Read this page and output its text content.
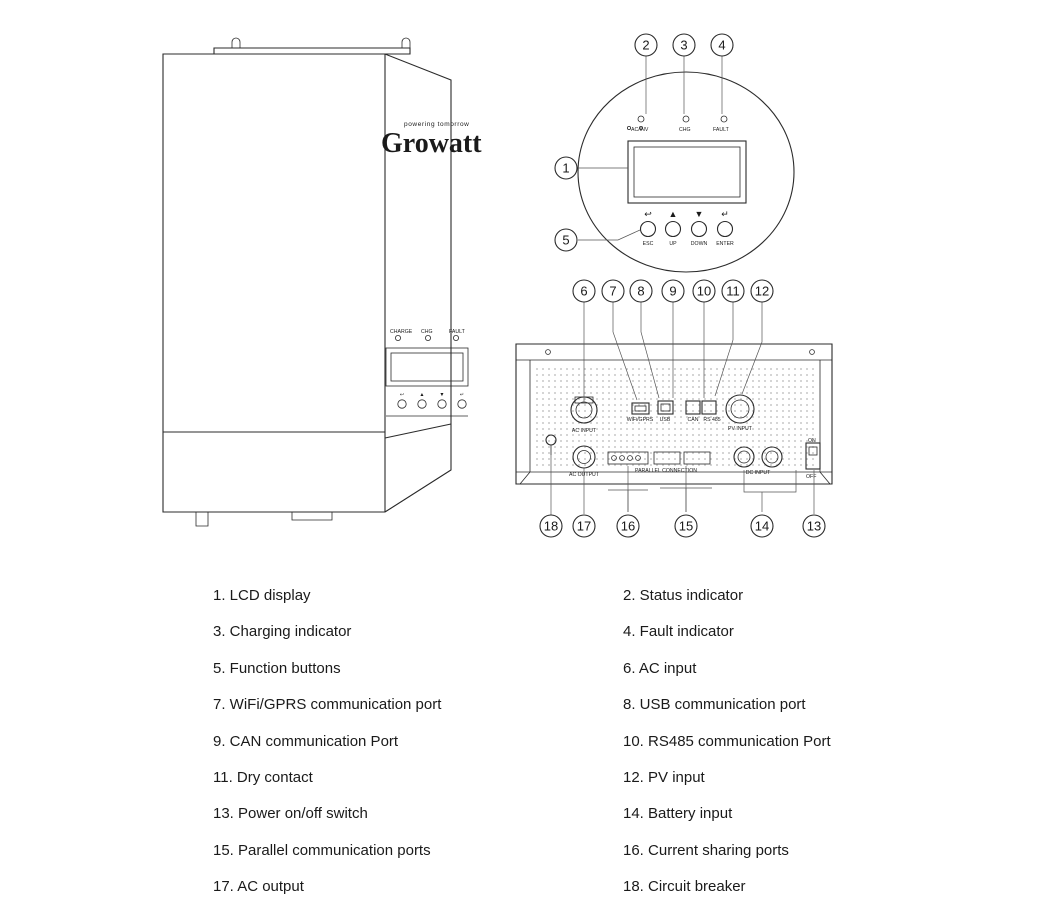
Growatt
powering tomorrow
CHARGE CHG	FAULT
↩	▲	▼	↵
AC/INV	CHG	FAULT
↩ ▲ ▼ ↵
ESC	UP	DOWN ENTER
2 3 4
1
5
AC INPUT
WiFi/GPRS USB	CAN RS 485
PV INPUT
AC OUTPUT
PARALLEL CONNECTION	DC INPUT
ON
OFF
6 7 8 9 10 11 12
18 17 16	15	14	13
1. LCD display	2. Status indicator
3. Charging indicator	4. Fault indicator
5. Function buttons	6. AC input
7. WiFi/GPRS communication port	8. USB communication port
9. CAN communication Port	10. RS485 communication Port
11. Dry contact	12. PV input
13. Power on/off switch	14. Battery input
15. Parallel communication ports	16. Current sharing ports
17. AC output	18. Circuit breaker
